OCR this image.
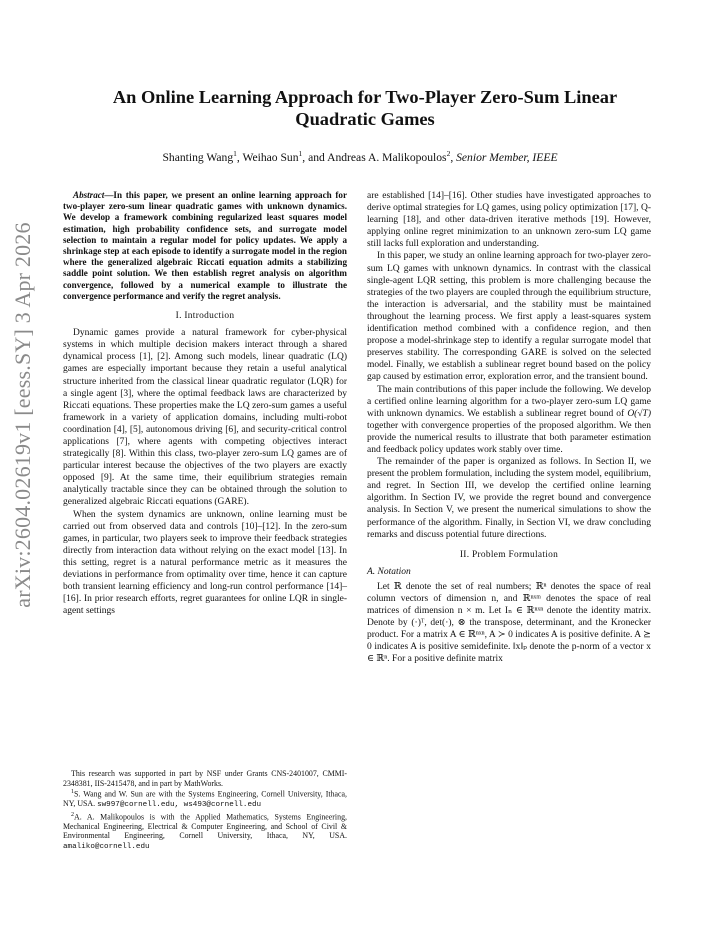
arXiv:2604.02619v1 [eess.SY] 3 Apr 2026
An Online Learning Approach for Two-Player Zero-Sum Linear Quadratic Games
Shanting Wang$^1$, Weihao Sun$^1$, and Andreas A. Malikopoulos$^2$, Senior Member, IEEE

Abstract—In this paper, we present an online learning approach for two-player zero-sum linear quadratic games with unknown dynamics. We develop a framework combining regularized least squares model estimation, high probability confidence sets, and surrogate model selection to maintain a regular model for policy updates. We apply a shrinkage step at each episode to identify a surrogate model in the region where the generalized algebraic Riccati equation admits a stabilizing saddle point solution. We then establish regret analysis on algorithm convergence, followed by a numerical example to illustrate the convergence performance and verify the regret analysis.

I. Introduction

Dynamic games provide a natural framework for cyber-physical systems in which multiple decision makers interact through a shared dynamical process [1], [2]. Among such models, linear quadratic (LQ) games are especially important because they retain a useful analytical structure inherited from the classical linear quadratic regulator (LQR) for a single agent [3], where the optimal feedback laws are characterized by Riccati equations. These properties make the LQ zero-sum games a useful framework in a variety of application domains, including multi-robot coordination [4], [5], autonomous driving [6], and security-critical control applications [7], where agents with competing objectives interact strategically [8]. Within this class, two-player zero-sum LQ games are of particular interest because the objectives of the two players are exactly opposed [9]. At the same time, their equilibrium strategies remain analytically tractable since they can be obtained through the solution to generalized algebraic Riccati equations (GARE).

When the system dynamics are unknown, online learning must be carried out from observed data and controls [10]–[12]. In the zero-sum games, in particular, two players seek to improve their feedback strategies directly from interaction data without relying on the exact model [13]. In this setting, regret is a natural performance metric as it measures the deviations in performance from optimality over time, hence it can capture both transient learning efficiency and long-run control performance [14]–[16]. In prior research efforts, regret guarantees for online LQR in single-agent settings

This research was supported in part by NSF under Grants CNS-2401007, CMMI-2348381, IIS-2415478, and in part by MathWorks.

$^1$S. Wang and W. Sun are with the Systems Engineering, Cornell University, Ithaca, NY, USA. sw997@cornell.edu, ws493@cornell.edu

$^2$A. A. Malikopoulos is with the Applied Mathematics, Systems Engineering, Mechanical Engineering, Electrical & Computer Engineering, and School of Civil & Environmental Engineering, Cornell University, Ithaca, NY, USA. amaliko@cornell.edu

are established [14]–[16]. Other studies have investigated approaches to derive optimal strategies for LQ games, using policy optimization [17], Q-learning [18], and other data-driven iterative methods [19]. However, applying online regret minimization to an unknown zero-sum LQ game still lacks full exploration and understanding.

In this paper, we study an online learning approach for two-player zero-sum LQ games with unknown dynamics. In contrast with the classical single-agent LQR setting, this problem is more challenging because the strategies of the two players are coupled through the equilibrium structure, the interaction is adversarial, and the stability must be maintained throughout the learning process. We first apply a least-squares system identification method combined with a confidence region, and then propose a model-shrinkage step to identify a regular surrogate model that preserves stability. The corresponding GARE is solved on the selected model. Finally, we establish a sublinear regret bound based on the policy gap caused by estimation error, exploration error, and the transient bound.

The main contributions of this paper include the following. We develop a certified online learning algorithm for a two-player zero-sum LQ game with unknown dynamics. We establish a sublinear regret bound of O(√T) together with convergence properties of the proposed algorithm. We then provide the numerical results to illustrate that both parameter estimation and feedback policy updates work stably over time.

The remainder of the paper is organized as follows. In Section II, we present the problem formulation, including the system model, equilibrium, and regret. In Section III, we develop the certified online learning algorithm. In Section IV, we provide the regret bound and convergence analysis. In Section V, we present the numerical simulations to show the performance of the algorithm. Finally, in Section VI, we draw concluding remarks and discuss potential future directions.

II. Problem Formulation
A. Notation

Let ℝ denote the set of real numbers; ℝⁿ denotes the space of real column vectors of dimension n, and ℝⁿˣᵐ denotes the space of real matrices of dimension n × m. Let Iₙ ∈ ℝⁿˣⁿ denote the identity matrix. Denote by (·)ᵀ, det(·), ⊗ the transpose, determinant, and the Kronecker product. For a matrix A ∈ ℝⁿˣⁿ, A ≻ 0 indicates A is positive definite. A ⪰ 0 indicates A is positive semidefinite. ‖x‖ₚ denote the p-norm of a vector x ∈ ℝⁿ. For a positive definite matrix
